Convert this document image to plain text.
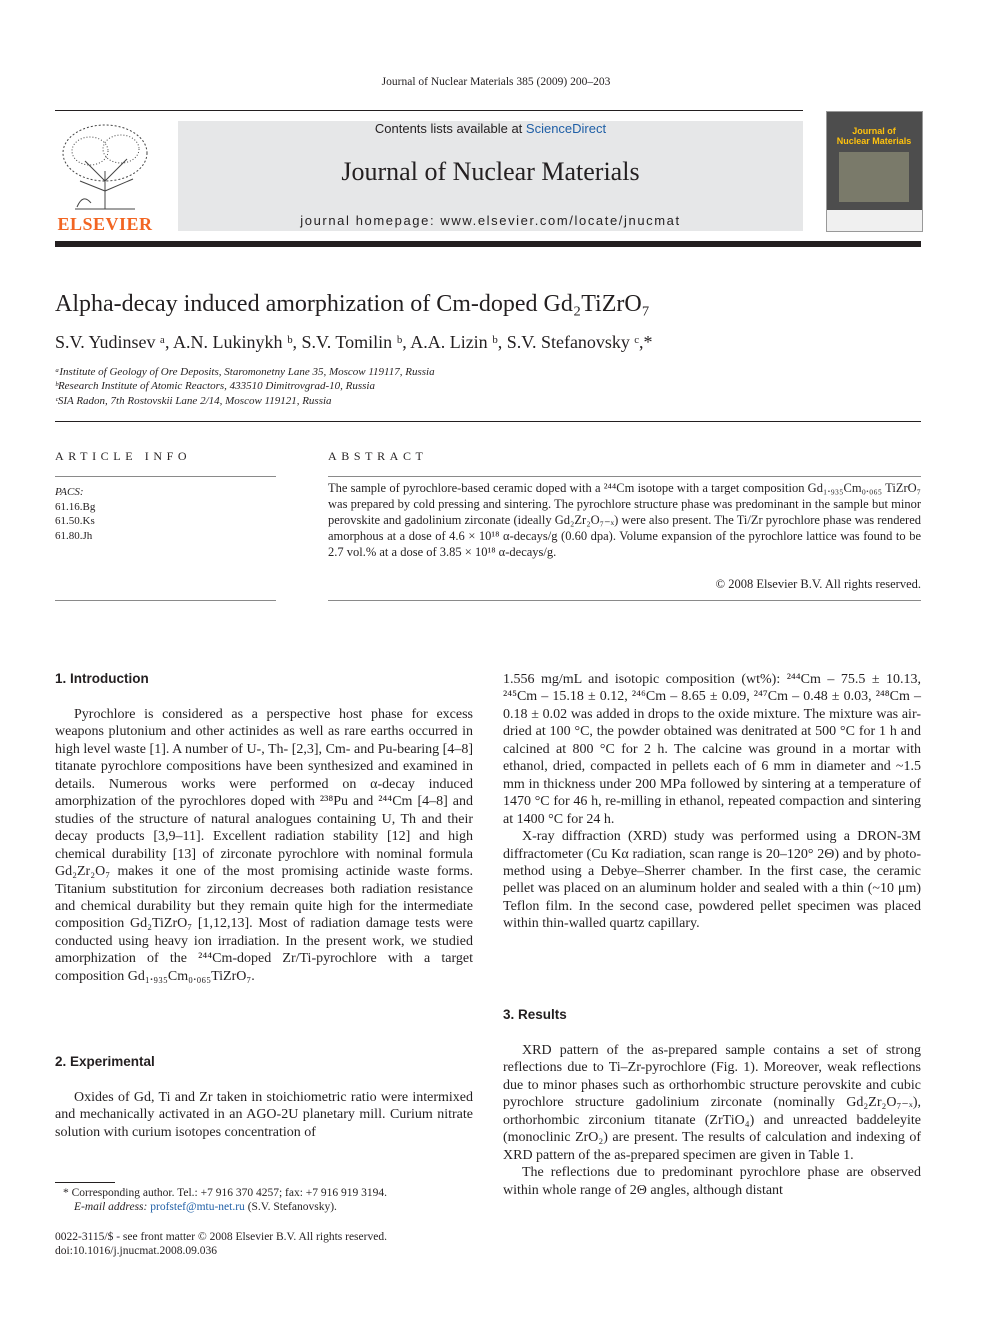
Journal of Nuclear Materials 385 (2009) 200–203
ELSEVIER
Contents lists available at ScienceDirect
Journal of Nuclear Materials
journal homepage: www.elsevier.com/locate/jnucmat
Journal of Nuclear Materials
Alpha-decay induced amorphization of Cm-doped Gd₂TiZrO₇
S.V. Yudinsev ᵃ, A.N. Lukinykh ᵇ, S.V. Tomilin ᵇ, A.A. Lizin ᵇ, S.V. Stefanovsky ᶜ,*
ᵃInstitute of Geology of Ore Deposits, Staromonetny Lane 35, Moscow 119117, Russia
ᵇResearch Institute of Atomic Reactors, 433510 Dimitrovgrad-10, Russia
ᶜSIA Radon, 7th Rostovskii Lane 2/14, Moscow 119121, Russia
ARTICLE INFO
PACS:
61.16.Bg
61.50.Ks
61.80.Jh
ABSTRACT
The sample of pyrochlore-based ceramic doped with a ²⁴⁴Cm isotope with a target composition Gd₁.₉₃₅Cm₀.₀₆₅ TiZrO₇ was prepared by cold pressing and sintering. The pyrochlore structure phase was predominant in the sample but minor perovskite and gadolinium zirconate (ideally Gd₂Zr₂O₇₋ₓ) were also present. The Ti/Zr pyrochlore phase was rendered amorphous at a dose of 4.6 × 10¹⁸ α-decays/g (0.60 dpa). Volume expansion of the pyrochlore lattice was found to be 2.7 vol.% at a dose of 3.85 × 10¹⁸ α-decays/g.
© 2008 Elsevier B.V. All rights reserved.
1. Introduction

Pyrochlore is considered as a perspective host phase for excess weapons plutonium and other actinides as well as rare earths occurred in high level waste [1]. A number of U-, Th- [2,3], Cm- and Pu-bearing [4–8] titanate pyrochlore compositions have been synthesized and examined in details. Numerous works were performed on α-decay induced amorphization of the pyrochlores doped with ²³⁸Pu and ²⁴⁴Cm [4–8] and studies of the structure of natural analogues containing U, Th and their decay products [3,9–11]. Excellent radiation stability [12] and high chemical durability [13] of zirconate pyrochlore with nominal formula Gd₂Zr₂O₇ makes it one of the most promising actinide waste forms. Titanium substitution for zirconium decreases both radiation resistance and chemical durability but they remain quite high for the intermediate composition Gd₂TiZrO₇ [1,12,13]. Most of radiation damage tests were conducted using heavy ion irradiation. In the present work, we studied amorphization of the ²⁴⁴Cm-doped Zr/Ti-pyrochlore with a target composition Gd₁.₉₃₅Cm₀.₀₆₅TiZrO₇.

2. Experimental

Oxides of Gd, Ti and Zr taken in stoichiometric ratio were intermixed and mechanically activated in an AGO-2U planetary mill. Curium nitrate solution with curium isotopes concentration of

* Corresponding author. Tel.: +7 916 370 4257; fax: +7 916 919 3194.
E-mail address: profstef@mtu-net.ru (S.V. Stefanovsky).
0022-3115/$ - see front matter © 2008 Elsevier B.V. All rights reserved.
doi:10.1016/j.jnucmat.2008.09.036

1.556 mg/mL and isotopic composition (wt%): ²⁴⁴Cm – 75.5 ± 10.13, ²⁴⁵Cm – 15.18 ± 0.12, ²⁴⁶Cm – 8.65 ± 0.09, ²⁴⁷Cm – 0.48 ± 0.03, ²⁴⁸Cm – 0.18 ± 0.02 was added in drops to the oxide mixture. The mixture was air-dried at 100 °C, the powder obtained was denitrated at 500 °C for 1 h and calcined at 800 °C for 2 h. The calcine was ground in a mortar with ethanol, dried, compacted in pellets each of 6 mm in diameter and ~1.5 mm in thickness under 200 MPa followed by sintering at a temperature of 1470 °C for 46 h, re-milling in ethanol, repeated compaction and sintering at 1400 °C for 24 h.

X-ray diffraction (XRD) study was performed using a DRON-3M diffractometer (Cu Kα radiation, scan range is 20–120° 2Θ) and by photo-method using a Debye–Sherrer chamber. In the first case, the ceramic pellet was placed on an aluminum holder and sealed with a thin (~10 μm) Teflon film. In the second case, powdered pellet specimen was placed within thin-walled quartz capillary.

3. Results

XRD pattern of the as-prepared sample contains a set of strong reflections due to Ti–Zr-pyrochlore (Fig. 1). Moreover, weak reflections due to minor phases such as orthorhombic structure perovskite and cubic pyrochlore structure gadolinium zirconate (nominally Gd₂Zr₂O₇₋ₓ), orthorhombic zirconium titanate (ZrTiO₄) and unreacted baddeleyite (monoclinic ZrO₂) are present. The results of calculation and indexing of XRD pattern of the as-prepared specimen are given in Table 1.

The reflections due to predominant pyrochlore phase are observed within whole range of 2Θ angles, although distant
